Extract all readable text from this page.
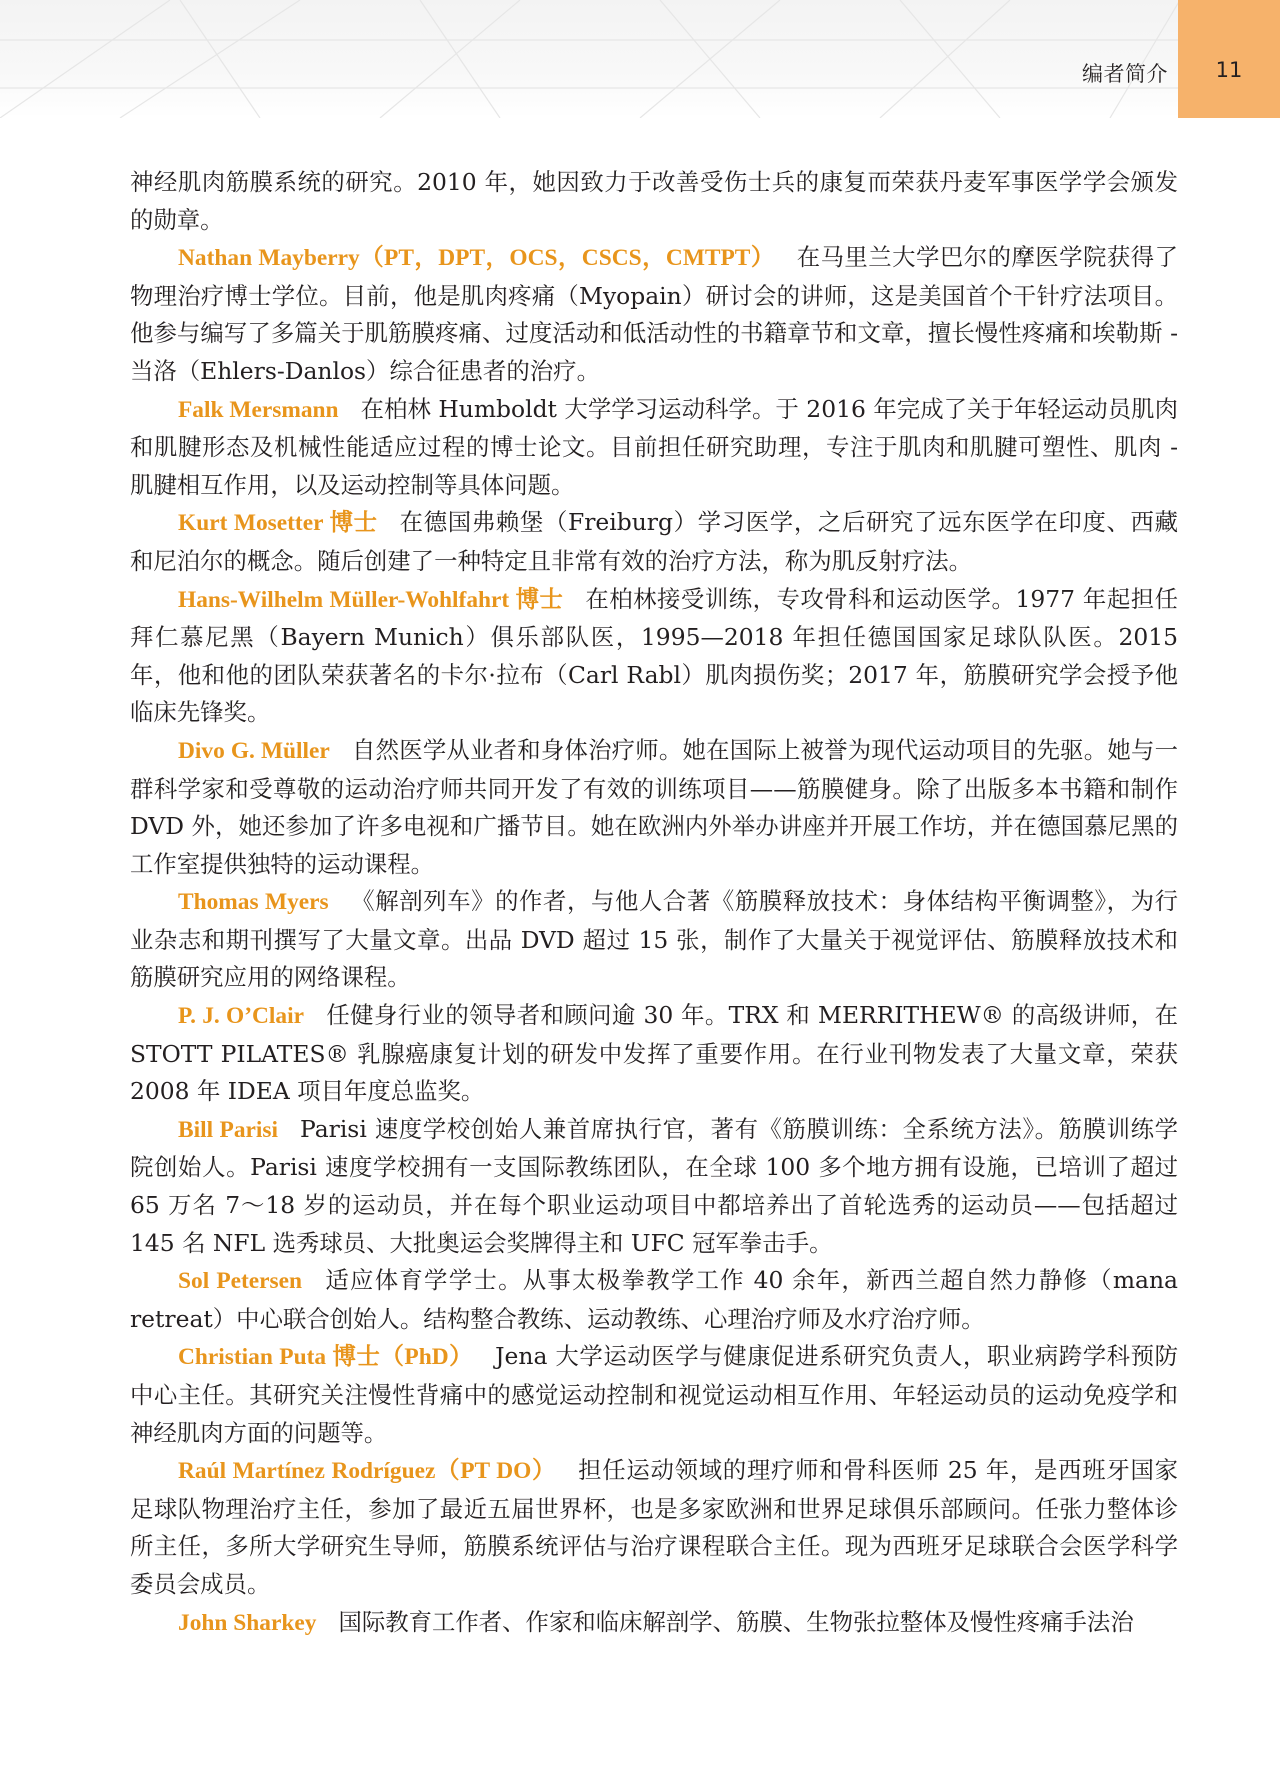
编者简介	11

神经肌肉筋膜系统的研究。2010 年，她因致力于改善受伤士兵的康复而荣获丹麦军事医学学会颁发的勋章。

Nathan Mayberry（PT，DPT，OCS，CSCS，CMTPT） 在马里兰大学巴尔的摩医学院获得了物理治疗博士学位。目前，他是肌肉疼痛（Myopain）研讨会的讲师，这是美国首个干针疗法项目。他参与编写了多篇关于肌筋膜疼痛、过度活动和低活动性的书籍章节和文章，擅长慢性疼痛和埃勒斯 - 当洛（Ehlers-Danlos）综合征患者的治疗。

Falk Mersmann 在柏林 Humboldt 大学学习运动科学。于 2016 年完成了关于年轻运动员肌肉和肌腱形态及机械性能适应过程的博士论文。目前担任研究助理，专注于肌肉和肌腱可塑性、肌肉 - 肌腱相互作用，以及运动控制等具体问题。

Kurt Mosetter 博士 在德国弗赖堡（Freiburg）学习医学，之后研究了远东医学在印度、西藏和尼泊尔的概念。随后创建了一种特定且非常有效的治疗方法，称为肌反射疗法。

Hans-Wilhelm Müller-Wohlfahrt 博士 在柏林接受训练，专攻骨科和运动医学。1977 年起担任拜仁慕尼黑（Bayern Munich）俱乐部队医，1995—2018 年担任德国国家足球队队医。2015 年，他和他的团队荣获著名的卡尔·拉布（Carl Rabl）肌肉损伤奖；2017 年，筋膜研究学会授予他临床先锋奖。

Divo G. Müller 自然医学从业者和身体治疗师。她在国际上被誉为现代运动项目的先驱。她与一群科学家和受尊敬的运动治疗师共同开发了有效的训练项目——筋膜健身。除了出版多本书籍和制作 DVD 外，她还参加了许多电视和广播节目。她在欧洲内外举办讲座并开展工作坊，并在德国慕尼黑的工作室提供独特的运动课程。

Thomas Myers 《解剖列车》的作者，与他人合著《筋膜释放技术：身体结构平衡调整》，为行业杂志和期刊撰写了大量文章。出品 DVD 超过 15 张，制作了大量关于视觉评估、筋膜释放技术和筋膜研究应用的网络课程。

P. J. O’Clair 任健身行业的领导者和顾问逾 30 年。TRX 和 MERRITHEW® 的高级讲师，在 STOTT PILATES® 乳腺癌康复计划的研发中发挥了重要作用。在行业刊物发表了大量文章，荣获 2008 年 IDEA 项目年度总监奖。

Bill Parisi Parisi 速度学校创始人兼首席执行官，著有《筋膜训练：全系统方法》。筋膜训练学院创始人。Parisi 速度学校拥有一支国际教练团队，在全球 100 多个地方拥有设施，已培训了超过 65 万名 7～18 岁的运动员，并在每个职业运动项目中都培养出了首轮选秀的运动员——包括超过 145 名 NFL 选秀球员、大批奥运会奖牌得主和 UFC 冠军拳击手。

Sol Petersen 适应体育学学士。从事太极拳教学工作 40 余年，新西兰超自然力静修（mana retreat）中心联合创始人。结构整合教练、运动教练、心理治疗师及水疗治疗师。

Christian Puta 博士（PhD） Jena 大学运动医学与健康促进系研究负责人，职业病跨学科预防中心主任。其研究关注慢性背痛中的感觉运动控制和视觉运动相互作用、年轻运动员的运动免疫学和神经肌肉方面的问题等。

Raúl Martínez Rodríguez（PT DO） 担任运动领域的理疗师和骨科医师 25 年，是西班牙国家足球队物理治疗主任，参加了最近五届世界杯，也是多家欧洲和世界足球俱乐部顾问。任张力整体诊所主任，多所大学研究生导师，筋膜系统评估与治疗课程联合主任。现为西班牙足球联合会医学科学委员会成员。

John Sharkey 国际教育工作者、作家和临床解剖学、筋膜、生物张拉整体及慢性疼痛手法治
